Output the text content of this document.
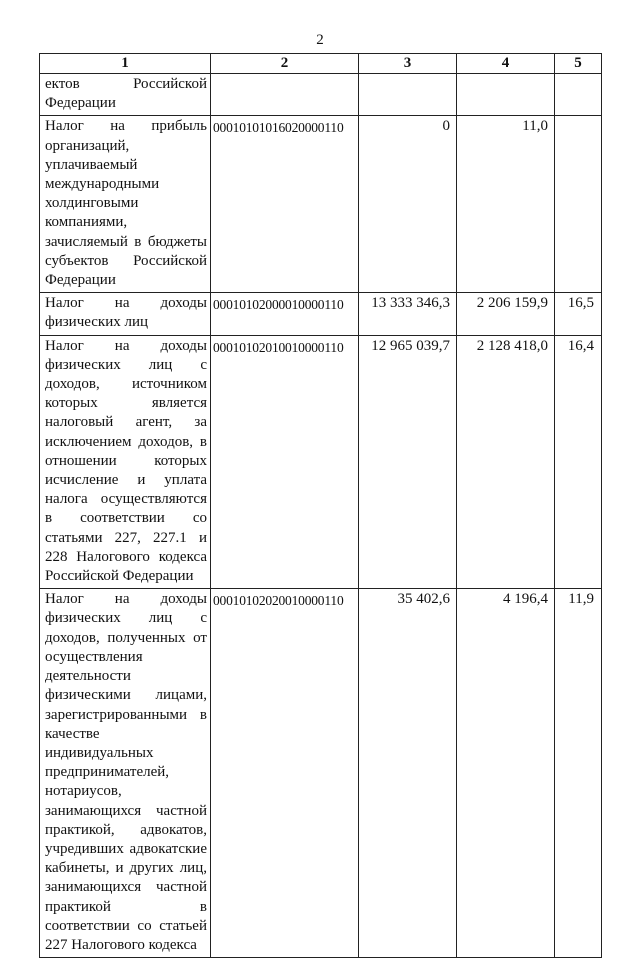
2
1	2	3	4	5
ектов Российской Федерации				
Налог на прибыль организаций, уплачиваемый международными холдинговыми компаниями, зачисляемый в бюджеты субъектов Российской Федерации	00010101016020000110	0	11,0	
Налог на доходы физических лиц	00010102000010000110	13 333 346,3	2 206 159,9	16,5
Налог на доходы физических лиц с доходов, источником которых является налоговый агент, за исключением доходов, в отношении которых исчисление и уплата налога осуществляются в соответствии со статьями 227, 227.1 и 228 Налогового кодекса Российской Федерации	00010102010010000110	12 965 039,7	2 128 418,0	16,4
Налог на доходы физических лиц с доходов, полученных от осуществления деятельности физическими лицами, зарегистрированными в качестве индивидуальных предпринимателей, нотариусов, занимающихся частной практикой, адвокатов, учредивших адвокатские кабинеты, и других лиц, занимающихся частной практикой в соответствии со статьей 227 Налогового кодекса	00010102020010000110	35 402,6	4 196,4	11,9
